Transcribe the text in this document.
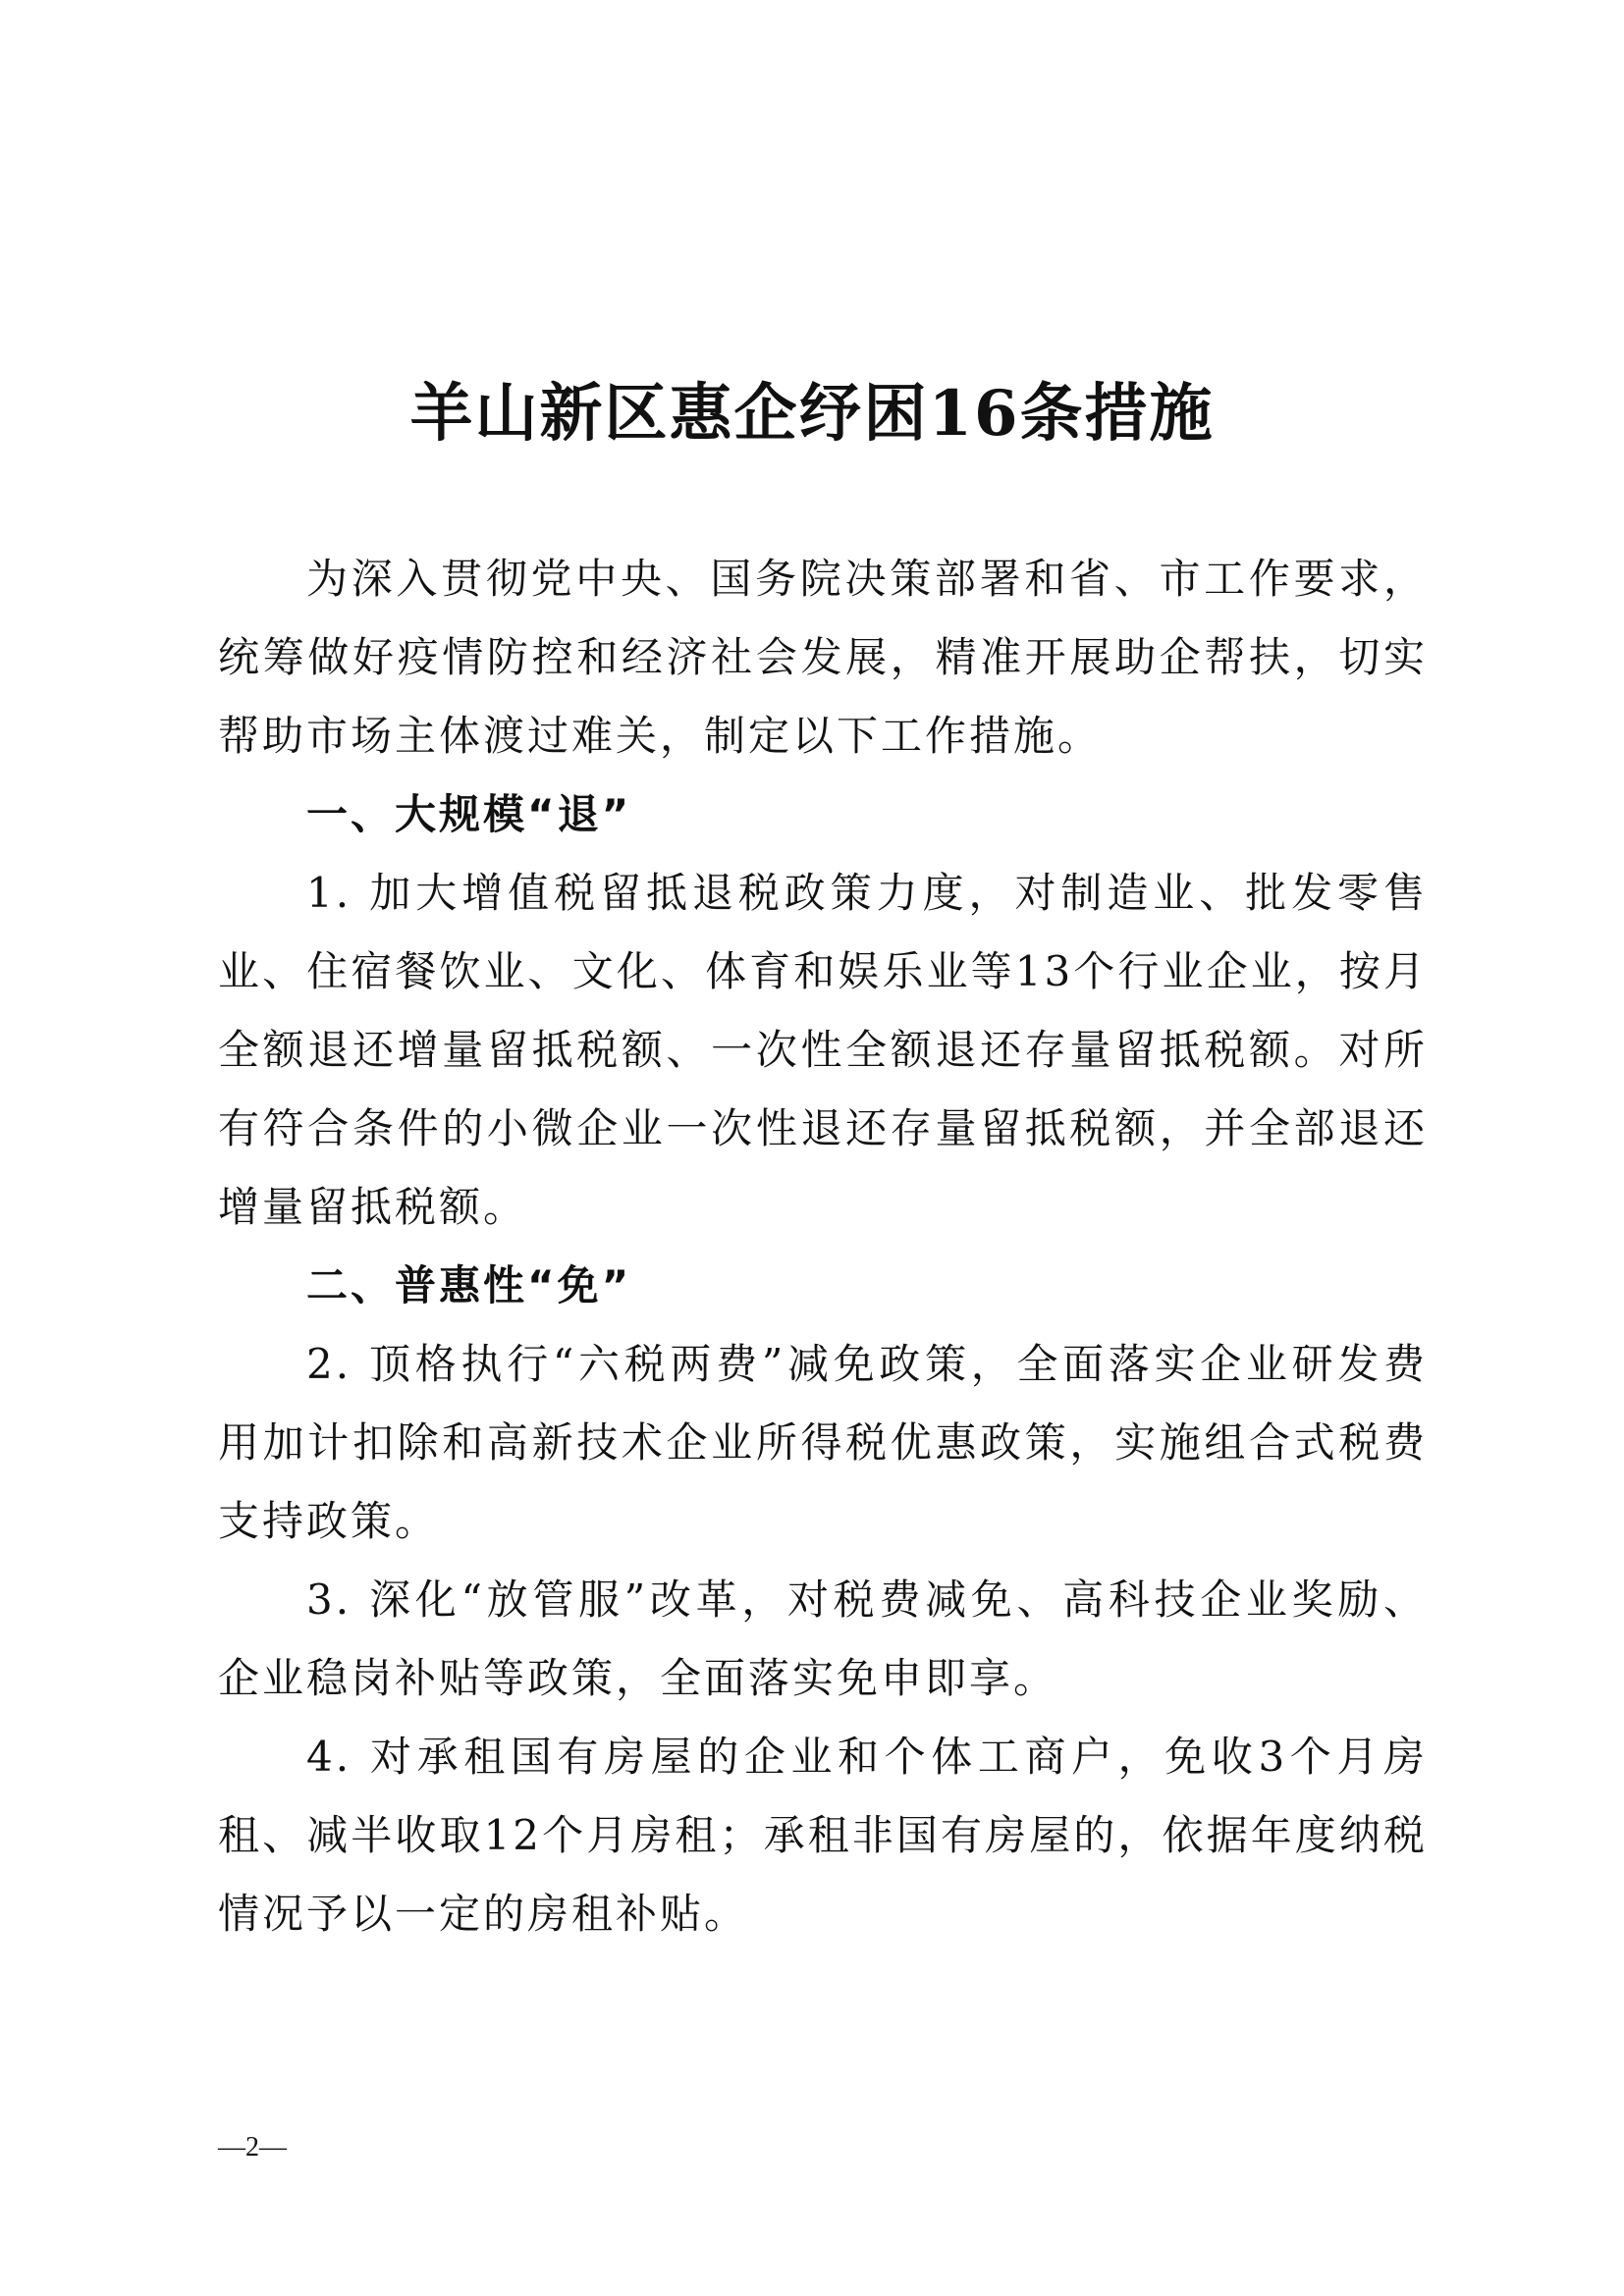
羊山新区惠企纾困16条措施

为深入贯彻党中央、国务院决策部署和省、市工作要求，统筹做好疫情防控和经济社会发展，精准开展助企帮扶，切实帮助市场主体渡过难关，制定以下工作措施。

一、大规模“退”

1. 加大增值税留抵退税政策力度，对制造业、批发零售业、住宿餐饮业、文化、体育和娱乐业等13个行业企业，按月全额退还增量留抵税额、一次性全额退还存量留抵税额。对所有符合条件的小微企业一次性退还存量留抵税额，并全部退还增量留抵税额。

二、普惠性“免”

2. 顶格执行“六税两费”减免政策，全面落实企业研发费用加计扣除和高新技术企业所得税优惠政策，实施组合式税费支持政策。

3. 深化“放管服”改革，对税费减免、高科技企业奖励、企业稳岗补贴等政策，全面落实免申即享。

4. 对承租国有房屋的企业和个体工商户，免收3个月房租、减半收取12个月房租；承租非国有房屋的，依据年度纳税情况予以一定的房租补贴。

—2—
